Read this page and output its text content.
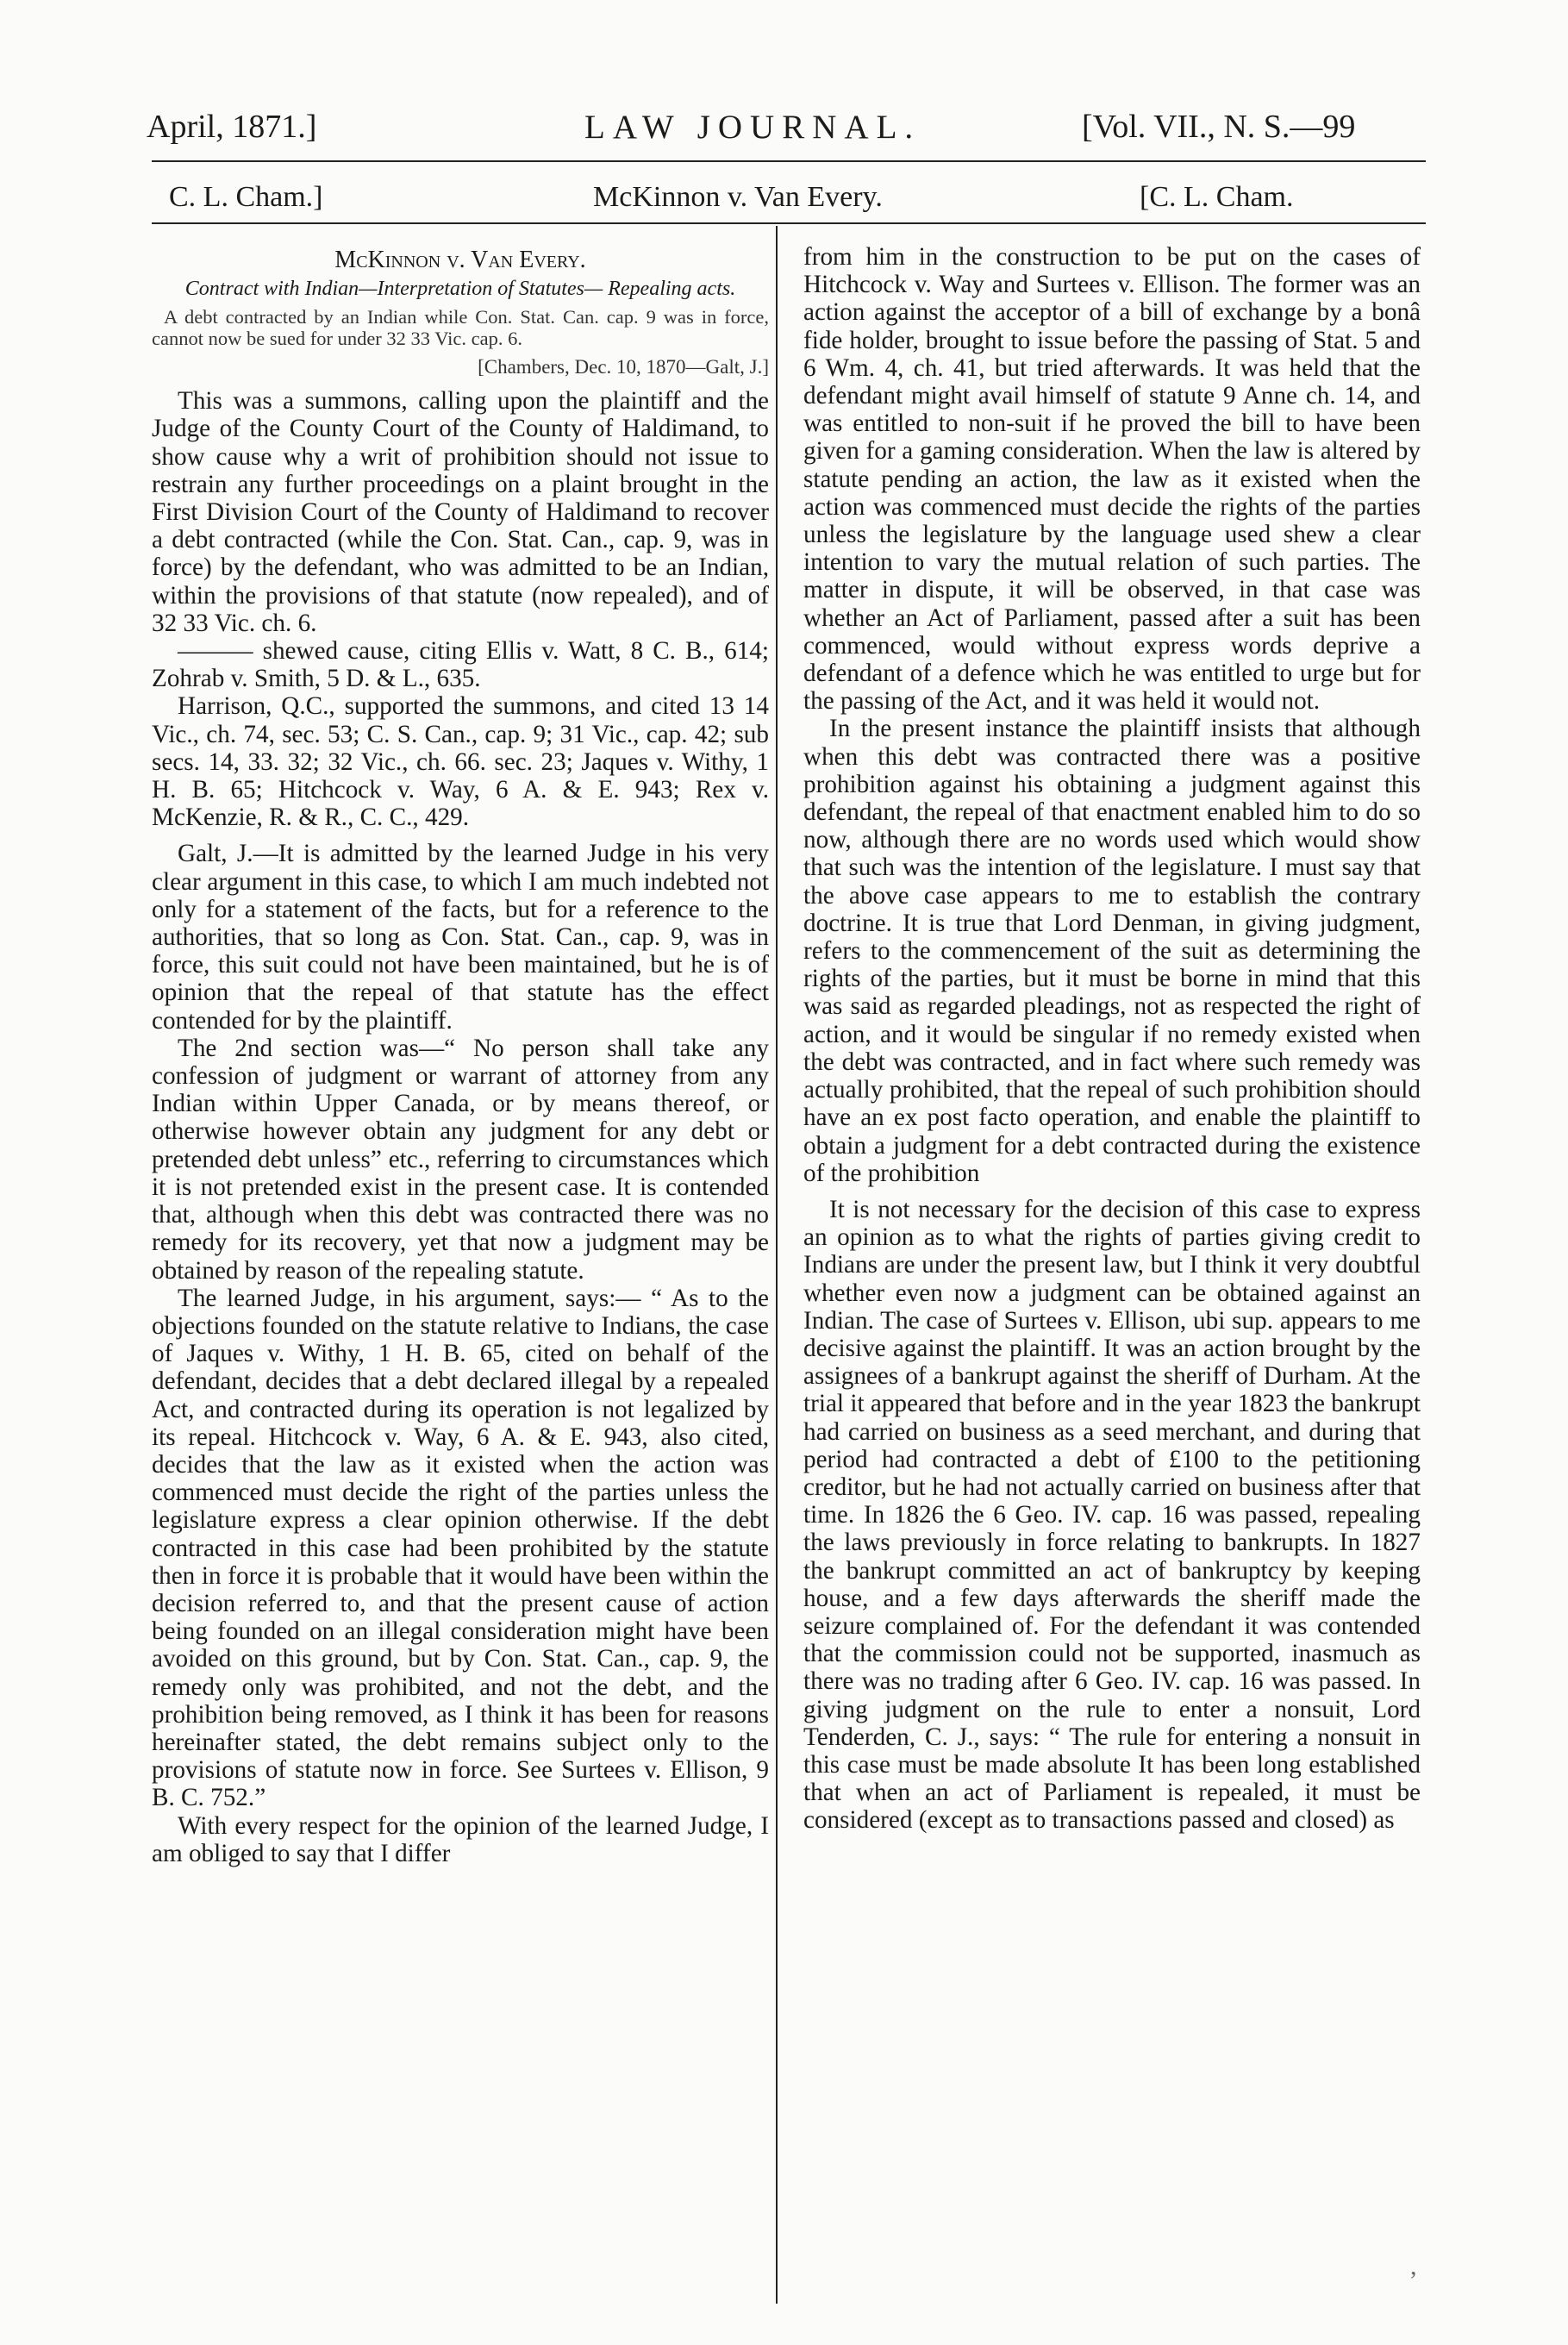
April, 1871.]	LAW JOURNAL.	[Vol. VII., N. S.—99
C. L. Cham.]	McKinnon v. Van Every.	[C. L. Cham.
McKinnon v. Van Every.
Contract with Indian—Interpretation of Statutes— Repealing acts.
A debt contracted by an Indian while Con. Stat. Can. cap. 9 was in force, cannot now be sued for under 32 33 Vic. cap. 6.
[Chambers, Dec. 10, 1870—Galt, J.]

This was a summons, calling upon the plaintiff and the Judge of the County Court of the County of Haldimand, to show cause why a writ of prohibition should not issue to restrain any further proceedings on a plaint brought in the First Division Court of the County of Haldimand to recover a debt contracted (while the Con. Stat. Can., cap. 9, was in force) by the defendant, who was admitted to be an Indian, within the provisions of that statute (now repealed), and of 32 33 Vic. ch. 6.

——— shewed cause, citing Ellis v. Watt, 8 C. B., 614; Zohrab v. Smith, 5 D. & L., 635.

Harrison, Q.C., supported the summons, and cited 13 14 Vic., ch. 74, sec. 53; C. S. Can., cap. 9; 31 Vic., cap. 42; sub secs. 14, 33. 32; 32 Vic., ch. 66. sec. 23; Jaques v. Withy, 1 H. B. 65; Hitchcock v. Way, 6 A. & E. 943; Rex v. McKenzie, R. & R., C. C., 429.

Galt, J.—It is admitted by the learned Judge in his very clear argument in this case, to which I am much indebted not only for a statement of the facts, but for a reference to the authorities, that so long as Con. Stat. Can., cap. 9, was in force, this suit could not have been maintained, but he is of opinion that the repeal of that statute has the effect contended for by the plaintiff.

The 2nd section was—“ No person shall take any confession of judgment or warrant of attorney from any Indian within Upper Canada, or by means thereof, or otherwise however obtain any judgment for any debt or pretended debt unless” etc., referring to circumstances which it is not pretended exist in the present case. It is contended that, although when this debt was contracted there was no remedy for its recovery, yet that now a judgment may be obtained by reason of the repealing statute.

The learned Judge, in his argument, says:— “ As to the objections founded on the statute relative to Indians, the case of Jaques v. Withy, 1 H. B. 65, cited on behalf of the defendant, decides that a debt declared illegal by a repealed Act, and contracted during its operation is not legalized by its repeal. Hitchcock v. Way, 6 A. & E. 943, also cited, decides that the law as it existed when the action was commenced must decide the right of the parties unless the legislature express a clear opinion otherwise. If the debt contracted in this case had been prohibited by the statute then in force it is probable that it would have been within the decision referred to, and that the present cause of action being founded on an illegal consideration might have been avoided on this ground, but by Con. Stat. Can., cap. 9, the remedy only was prohibited, and not the debt, and the prohibition being removed, as I think it has been for reasons hereinafter stated, the debt remains subject only to the provisions of statute now in force. See Surtees v. Ellison, 9 B. C. 752.”

With every respect for the opinion of the learned Judge, I am obliged to say that I differ

from him in the construction to be put on the cases of Hitchcock v. Way and Surtees v. Ellison. The former was an action against the acceptor of a bill of exchange by a bonâ fide holder, brought to issue before the passing of Stat. 5 and 6 Wm. 4, ch. 41, but tried afterwards. It was held that the defendant might avail himself of statute 9 Anne ch. 14, and was entitled to non-suit if he proved the bill to have been given for a gaming consideration. When the law is altered by statute pending an action, the law as it existed when the action was commenced must decide the rights of the parties unless the legislature by the language used shew a clear intention to vary the mutual relation of such parties. The matter in dispute, it will be observed, in that case was whether an Act of Parliament, passed after a suit has been commenced, would without express words deprive a defendant of a defence which he was entitled to urge but for the passing of the Act, and it was held it would not.

In the present instance the plaintiff insists that although when this debt was contracted there was a positive prohibition against his obtaining a judgment against this defendant, the repeal of that enactment enabled him to do so now, although there are no words used which would show that such was the intention of the legislature. I must say that the above case appears to me to establish the contrary doctrine. It is true that Lord Denman, in giving judgment, refers to the commencement of the suit as determining the rights of the parties, but it must be borne in mind that this was said as regarded pleadings, not as respected the right of action, and it would be singular if no remedy existed when the debt was contracted, and in fact where such remedy was actually prohibited, that the repeal of such prohibition should have an ex post facto operation, and enable the plaintiff to obtain a judgment for a debt contracted during the existence of the prohibition

It is not necessary for the decision of this case to express an opinion as to what the rights of parties giving credit to Indians are under the present law, but I think it very doubtful whether even now a judgment can be obtained against an Indian. The case of Surtees v. Ellison, ubi sup. appears to me decisive against the plaintiff. It was an action brought by the assignees of a bankrupt against the sheriff of Durham. At the trial it appeared that before and in the year 1823 the bankrupt had carried on business as a seed merchant, and during that period had contracted a debt of £100 to the petitioning creditor, but he had not actually carried on business after that time. In 1826 the 6 Geo. IV. cap. 16 was passed, repealing the laws previously in force relating to bankrupts. In 1827 the bankrupt committed an act of bankruptcy by keeping house, and a few days afterwards the sheriff made the seizure complained of. For the defendant it was contended that the commission could not be supported, inasmuch as there was no trading after 6 Geo. IV. cap. 16 was passed. In giving judgment on the rule to enter a nonsuit, Lord Tenderden, C. J., says: “ The rule for entering a nonsuit in this case must be made absolute It has been long established that when an act of Parliament is repealed, it must be considered (except as to transactions passed and closed) as

,
